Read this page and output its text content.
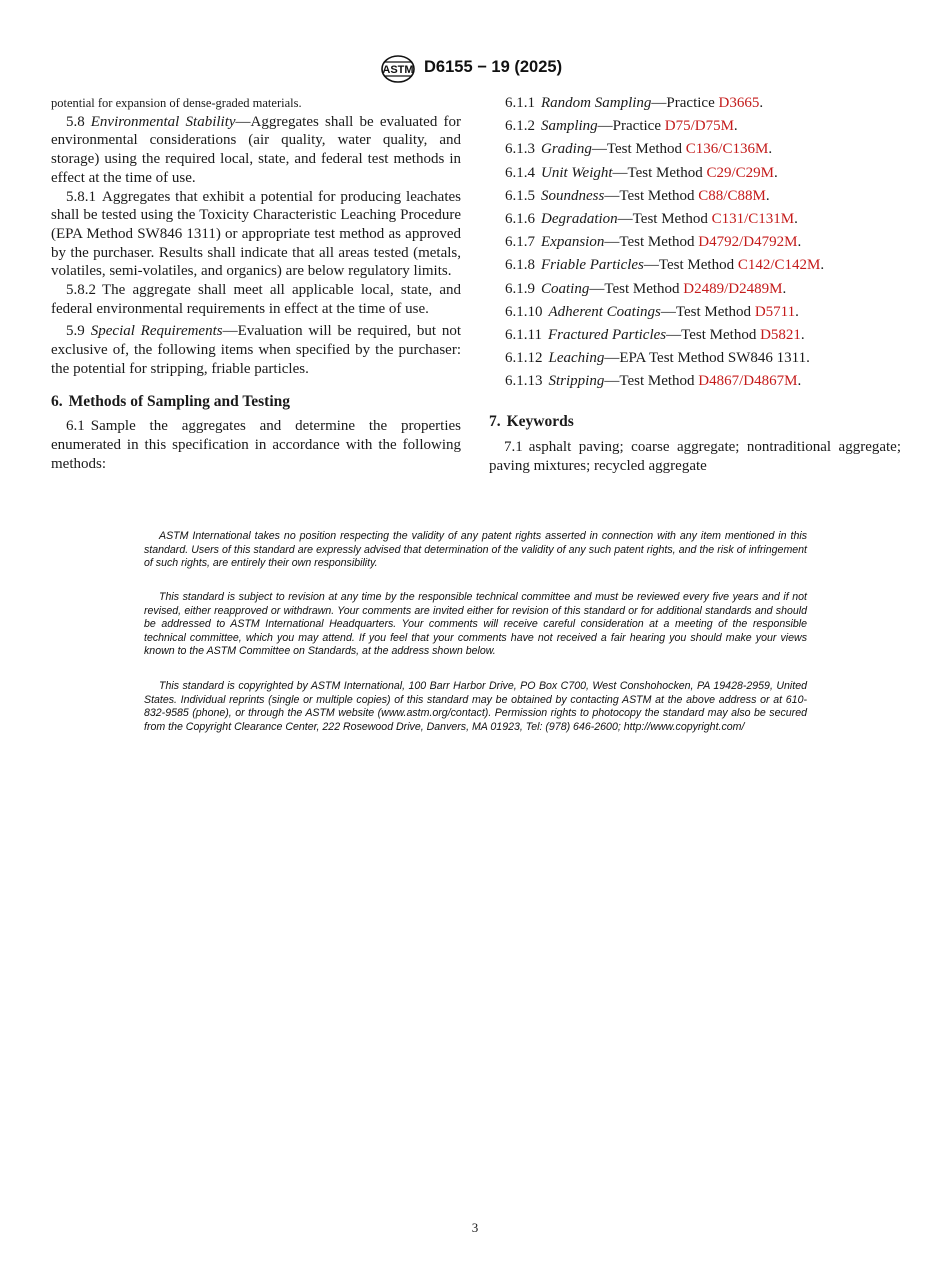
ASTM D6155 − 19 (2025)

potential for expansion of dense-graded materials.

5.8 Environmental Stability—Aggregates shall be evaluated for environmental considerations (air quality, water quality, and storage) using the required local, state, and federal test methods in effect at the time of use.

5.8.1 Aggregates that exhibit a potential for producing leachates shall be tested using the Toxicity Characteristic Leaching Procedure (EPA Method SW846 1311) or appropriate test method as approved by the purchaser. Results shall indicate that all areas tested (metals, volatiles, semi-volatiles, and organics) are below regulatory limits.

5.8.2 The aggregate shall meet all applicable local, state, and federal environmental requirements in effect at the time of use.

5.9 Special Requirements—Evaluation will be required, but not exclusive of, the following items when specified by the purchaser: the potential for stripping, friable particles.

6. Methods of Sampling and Testing

6.1 Sample the aggregates and determine the properties enumerated in this specification in accordance with the following methods:

6.1.1 Random Sampling—Practice D3665.
6.1.2 Sampling—Practice D75/D75M.
6.1.3 Grading—Test Method C136/C136M.
6.1.4 Unit Weight—Test Method C29/C29M.
6.1.5 Soundness—Test Method C88/C88M.
6.1.6 Degradation—Test Method C131/C131M.
6.1.7 Expansion—Test Method D4792/D4792M.
6.1.8 Friable Particles—Test Method C142/C142M.
6.1.9 Coating—Test Method D2489/D2489M.
6.1.10 Adherent Coatings—Test Method D5711.
6.1.11 Fractured Particles—Test Method D5821.
6.1.12 Leaching—EPA Test Method SW846 1311.
6.1.13 Stripping—Test Method D4867/D4867M.

7. Keywords

7.1 asphalt paving; coarse aggregate; nontraditional aggregate; paving mixtures; recycled aggregate

ASTM International takes no position respecting the validity of any patent rights asserted in connection with any item mentioned in this standard. Users of this standard are expressly advised that determination of the validity of any such patent rights, and the risk of infringement of such rights, are entirely their own responsibility.

This standard is subject to revision at any time by the responsible technical committee and must be reviewed every five years and if not revised, either reapproved or withdrawn. Your comments are invited either for revision of this standard or for additional standards and should be addressed to ASTM International Headquarters. Your comments will receive careful consideration at a meeting of the responsible technical committee, which you may attend. If you feel that your comments have not received a fair hearing you should make your views known to the ASTM Committee on Standards, at the address shown below.

This standard is copyrighted by ASTM International, 100 Barr Harbor Drive, PO Box C700, West Conshohocken, PA 19428-2959, United States. Individual reprints (single or multiple copies) of this standard may be obtained by contacting ASTM at the above address or at 610-832-9585 (phone), or through the ASTM website (www.astm.org/contact). Permission rights to photocopy the standard may also be secured from the Copyright Clearance Center, 222 Rosewood Drive, Danvers, MA 01923, Tel: (978) 646-2600; http://www.copyright.com/

3
